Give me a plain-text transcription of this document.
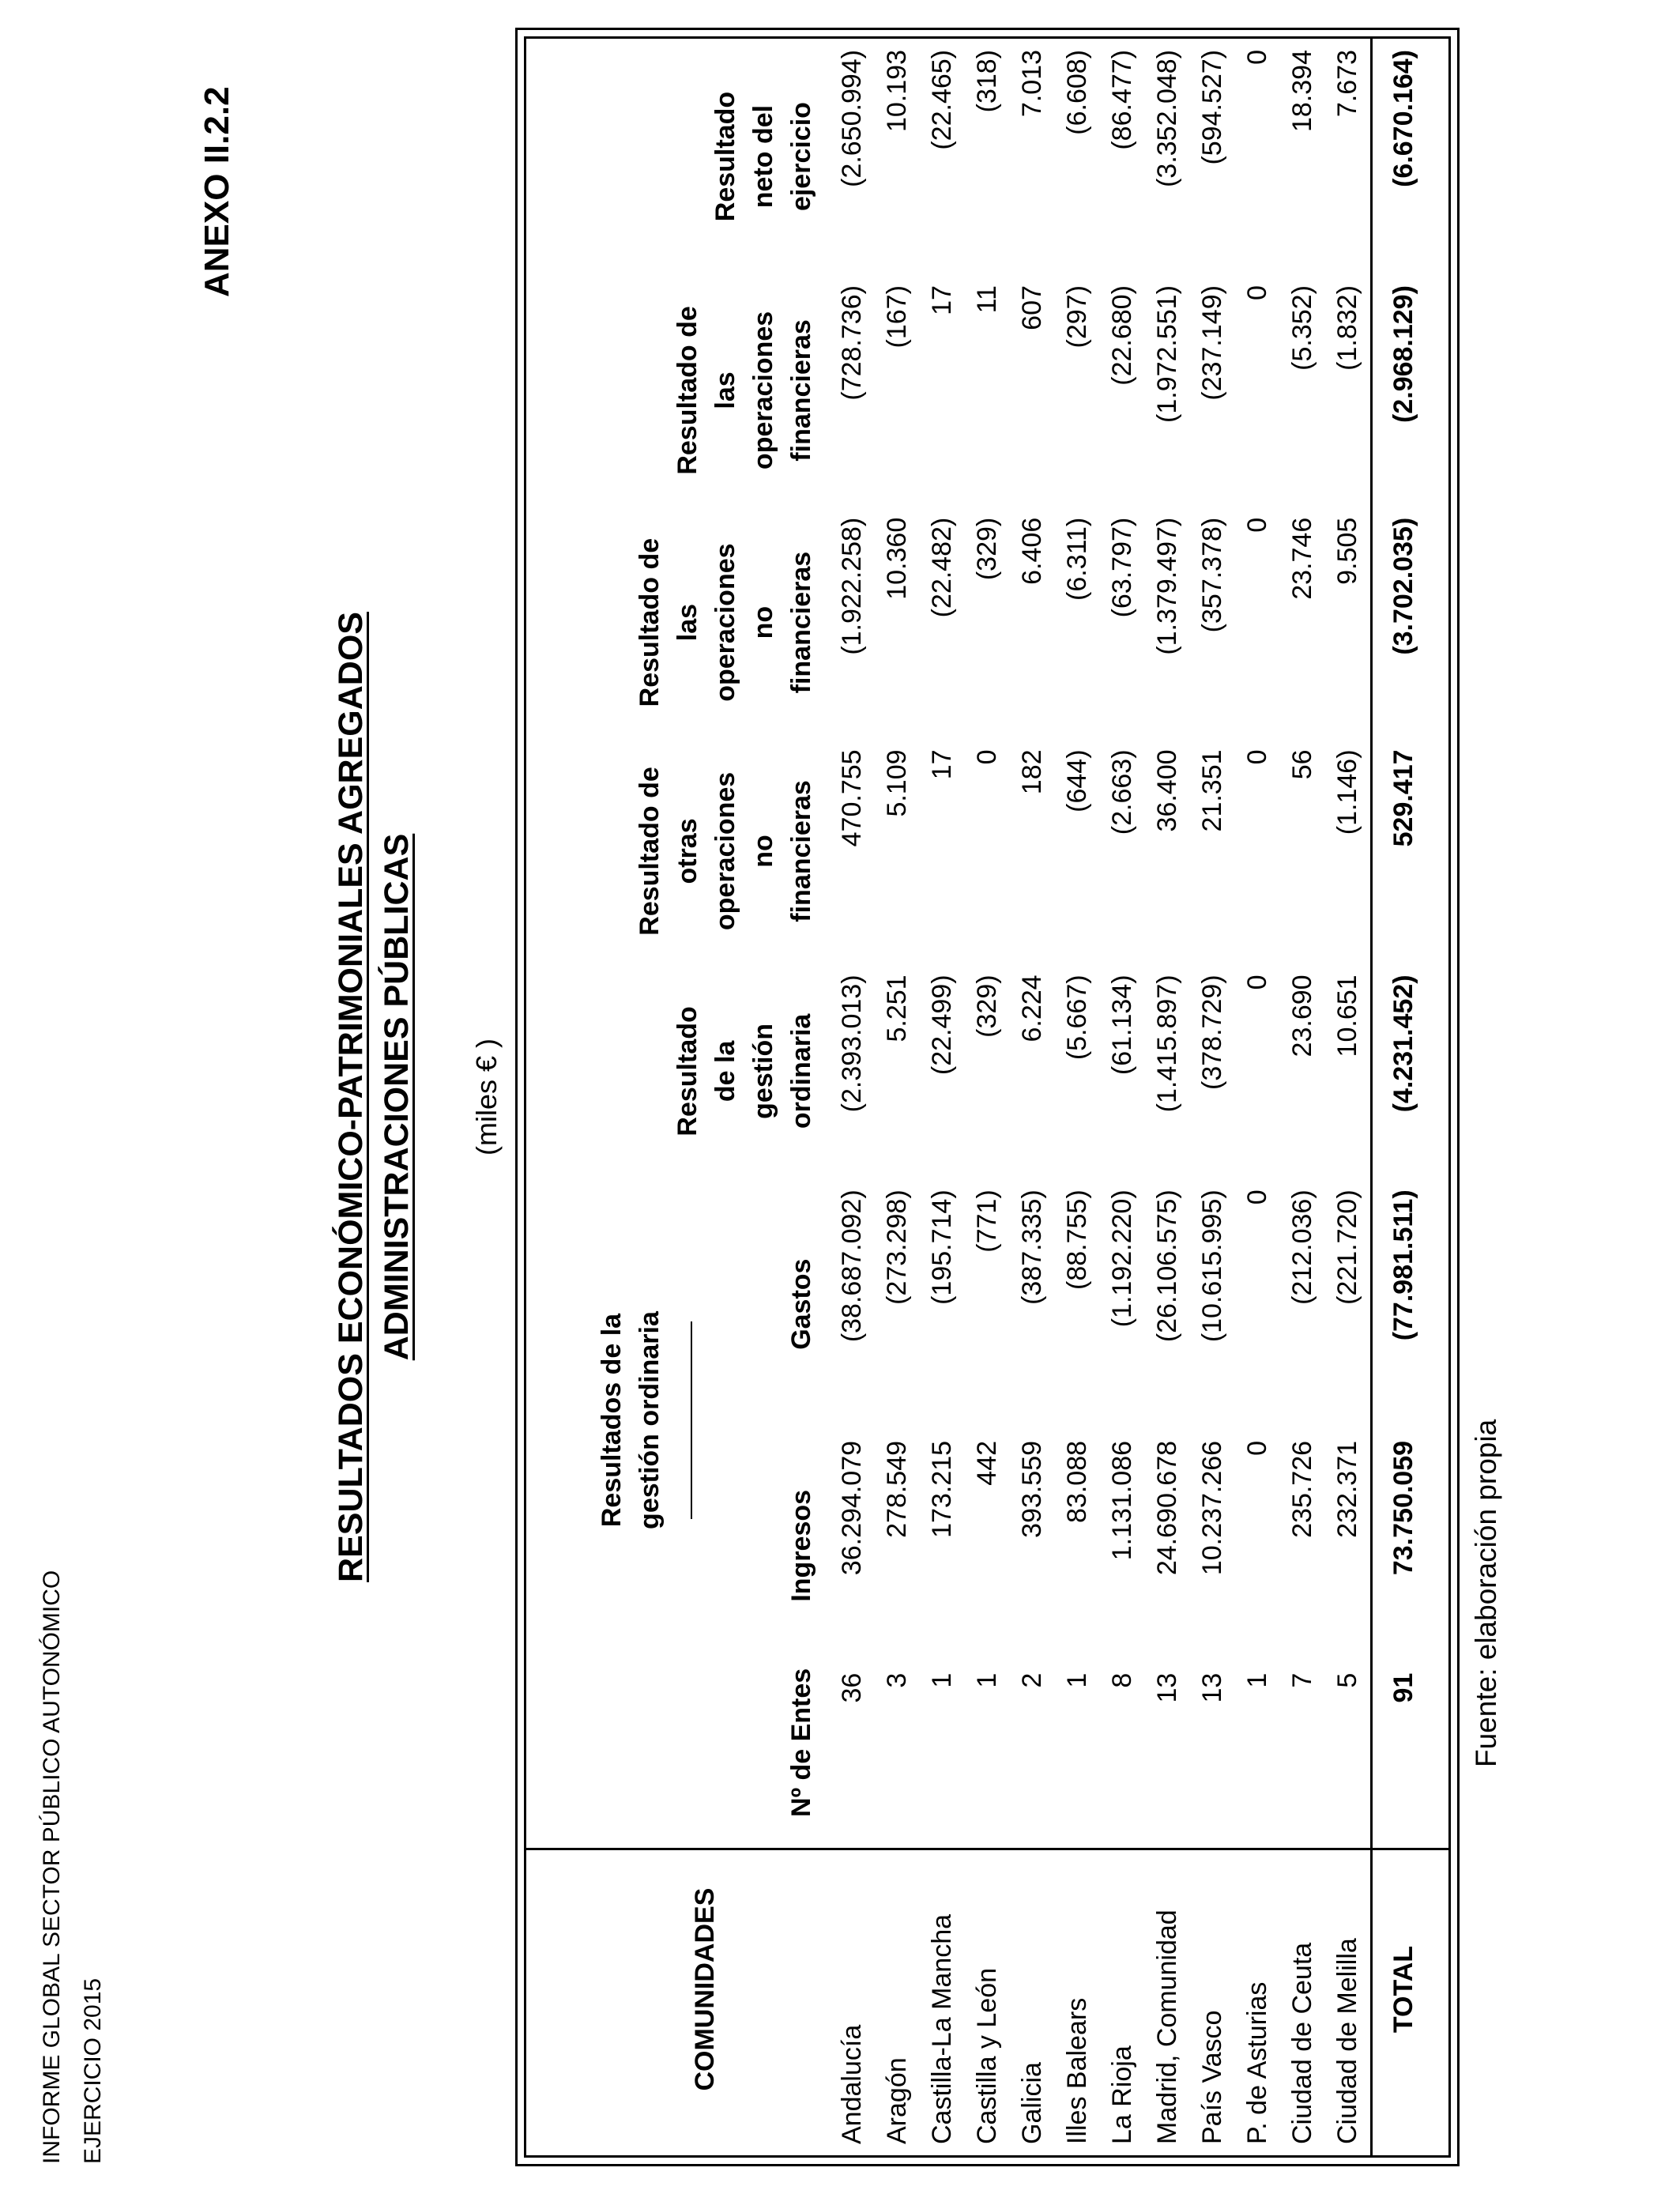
INFORME GLOBAL SECTOR PÚBLICO AUTONÓMICO EJERCICIO 2015
ANEXO II.2.2
RESULTADOS ECONÓMICO-PATRIMONIALES AGREGADOS ADMINISTRACIONES PÚBLICAS (miles € )
COMUNIDADES	Nº de Entes	Resultados de la gestión ordinaria		Resultado de la gestión ordinaria	Resultado de otras operaciones no financieras	Resultado de las operaciones no financieras	Resultado de las operaciones financieras	Resultado neto del ejercicio

		Ingresos	Gastos					
Andalucía	36	36.294.079	(38.687.092)	(2.393.013)	470.755	(1.922.258)	(728.736)	(2.650.994)
Aragón	3	278.549	(273.298)	5.251	5.109	10.360	(167)	10.193
Castilla-La Mancha	1	173.215	(195.714)	(22.499)	17	(22.482)	17	(22.465)
Castilla y León	1	442	(771)	(329)	0	(329)	11	(318)
Galicia	2	393.559	(387.335)	6.224	182	6.406	607	7.013
Illes Balears	1	83.088	(88.755)	(5.667)	(644)	(6.311)	(297)	(6.608)
La Rioja	8	1.131.086	(1.192.220)	(61.134)	(2.663)	(63.797)	(22.680)	(86.477)
Madrid, Comunidad	13	24.690.678	(26.106.575)	(1.415.897)	36.400	(1.379.497)	(1.972.551)	(3.352.048)
País Vasco	13	10.237.266	(10.615.995)	(378.729)	21.351	(357.378)	(237.149)	(594.527)
P. de Asturias	1	0	0	0	0	0	0	0
Ciudad de Ceuta	7	235.726	(212.036)	23.690	56	23.746	(5.352)	18.394
Ciudad de Melilla	5	232.371	(221.720)	10.651	(1.146)	9.505	(1.832)	7.673
TOTAL	91	73.750.059	(77.981.511)	(4.231.452)	529.417	(3.702.035)	(2.968.129)	(6.670.164)
Fuente: elaboración propia
